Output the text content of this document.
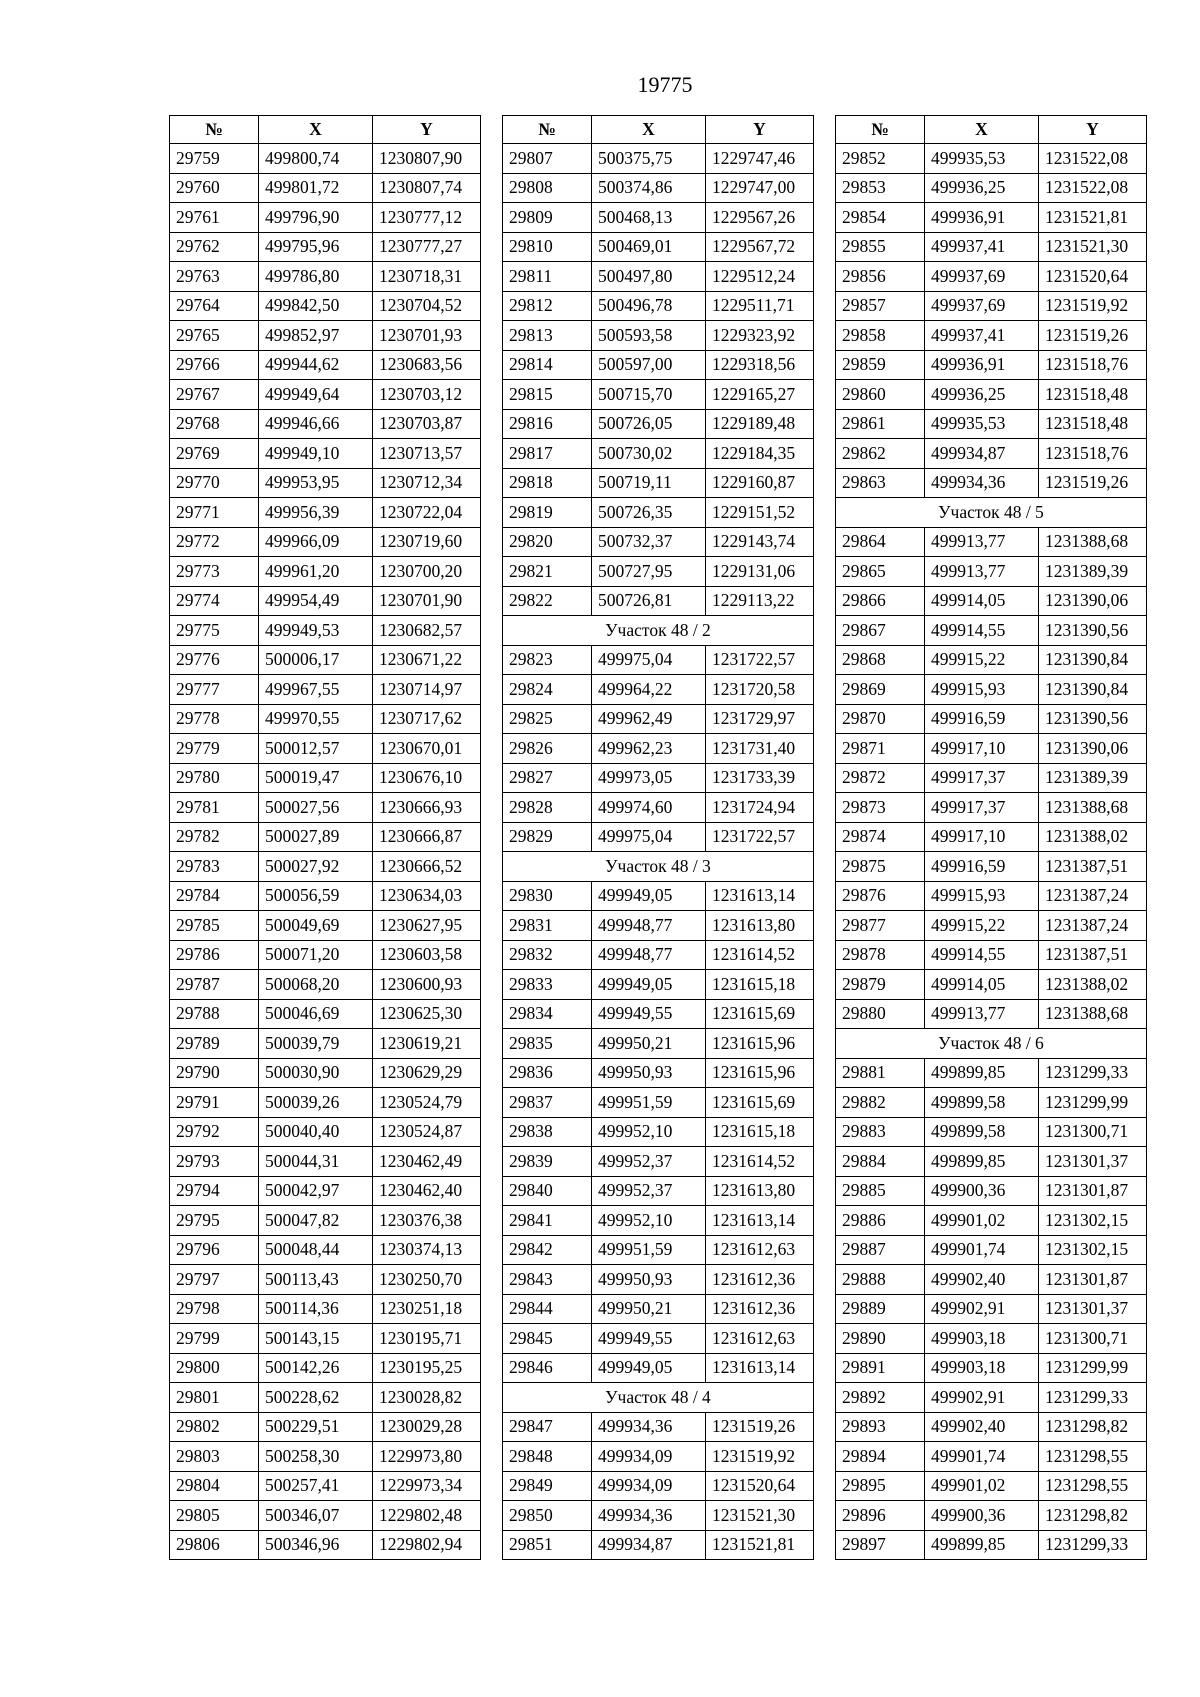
19775
№	X	Y
29759	499800,74	1230807,90
29760	499801,72	1230807,74
29761	499796,90	1230777,12
29762	499795,96	1230777,27
29763	499786,80	1230718,31
29764	499842,50	1230704,52
29765	499852,97	1230701,93
29766	499944,62	1230683,56
29767	499949,64	1230703,12
29768	499946,66	1230703,87
29769	499949,10	1230713,57
29770	499953,95	1230712,34
29771	499956,39	1230722,04
29772	499966,09	1230719,60
29773	499961,20	1230700,20
29774	499954,49	1230701,90
29775	499949,53	1230682,57
29776	500006,17	1230671,22
29777	499967,55	1230714,97
29778	499970,55	1230717,62
29779	500012,57	1230670,01
29780	500019,47	1230676,10
29781	500027,56	1230666,93
29782	500027,89	1230666,87
29783	500027,92	1230666,52
29784	500056,59	1230634,03
29785	500049,69	1230627,95
29786	500071,20	1230603,58
29787	500068,20	1230600,93
29788	500046,69	1230625,30
29789	500039,79	1230619,21
29790	500030,90	1230629,29
29791	500039,26	1230524,79
29792	500040,40	1230524,87
29793	500044,31	1230462,49
29794	500042,97	1230462,40
29795	500047,82	1230376,38
29796	500048,44	1230374,13
29797	500113,43	1230250,70
29798	500114,36	1230251,18
29799	500143,15	1230195,71
29800	500142,26	1230195,25
29801	500228,62	1230028,82
29802	500229,51	1230029,28
29803	500258,30	1229973,80
29804	500257,41	1229973,34
29805	500346,07	1229802,48
29806	500346,96	1229802,94
№	X	Y
29807	500375,75	1229747,46
29808	500374,86	1229747,00
29809	500468,13	1229567,26
29810	500469,01	1229567,72
29811	500497,80	1229512,24
29812	500496,78	1229511,71
29813	500593,58	1229323,92
29814	500597,00	1229318,56
29815	500715,70	1229165,27
29816	500726,05	1229189,48
29817	500730,02	1229184,35
29818	500719,11	1229160,87
29819	500726,35	1229151,52
29820	500732,37	1229143,74
29821	500727,95	1229131,06
29822	500726,81	1229113,22
Участок 48 / 2		
29823	499975,04	1231722,57
29824	499964,22	1231720,58
29825	499962,49	1231729,97
29826	499962,23	1231731,40
29827	499973,05	1231733,39
29828	499974,60	1231724,94
29829	499975,04	1231722,57
Участок 48 / 3		
29830	499949,05	1231613,14
29831	499948,77	1231613,80
29832	499948,77	1231614,52
29833	499949,05	1231615,18
29834	499949,55	1231615,69
29835	499950,21	1231615,96
29836	499950,93	1231615,96
29837	499951,59	1231615,69
29838	499952,10	1231615,18
29839	499952,37	1231614,52
29840	499952,37	1231613,80
29841	499952,10	1231613,14
29842	499951,59	1231612,63
29843	499950,93	1231612,36
29844	499950,21	1231612,36
29845	499949,55	1231612,63
29846	499949,05	1231613,14
Участок 48 / 4		
29847	499934,36	1231519,26
29848	499934,09	1231519,92
29849	499934,09	1231520,64
29850	499934,36	1231521,30
29851	499934,87	1231521,81
№	X	Y
29852	499935,53	1231522,08
29853	499936,25	1231522,08
29854	499936,91	1231521,81
29855	499937,41	1231521,30
29856	499937,69	1231520,64
29857	499937,69	1231519,92
29858	499937,41	1231519,26
29859	499936,91	1231518,76
29860	499936,25	1231518,48
29861	499935,53	1231518,48
29862	499934,87	1231518,76
29863	499934,36	1231519,26
Участок 48 / 5		
29864	499913,77	1231388,68
29865	499913,77	1231389,39
29866	499914,05	1231390,06
29867	499914,55	1231390,56
29868	499915,22	1231390,84
29869	499915,93	1231390,84
29870	499916,59	1231390,56
29871	499917,10	1231390,06
29872	499917,37	1231389,39
29873	499917,37	1231388,68
29874	499917,10	1231388,02
29875	499916,59	1231387,51
29876	499915,93	1231387,24
29877	499915,22	1231387,24
29878	499914,55	1231387,51
29879	499914,05	1231388,02
29880	499913,77	1231388,68
Участок 48 / 6		
29881	499899,85	1231299,33
29882	499899,58	1231299,99
29883	499899,58	1231300,71
29884	499899,85	1231301,37
29885	499900,36	1231301,87
29886	499901,02	1231302,15
29887	499901,74	1231302,15
29888	499902,40	1231301,87
29889	499902,91	1231301,37
29890	499903,18	1231300,71
29891	499903,18	1231299,99
29892	499902,91	1231299,33
29893	499902,40	1231298,82
29894	499901,74	1231298,55
29895	499901,02	1231298,55
29896	499900,36	1231298,82
29897	499899,85	1231299,33
